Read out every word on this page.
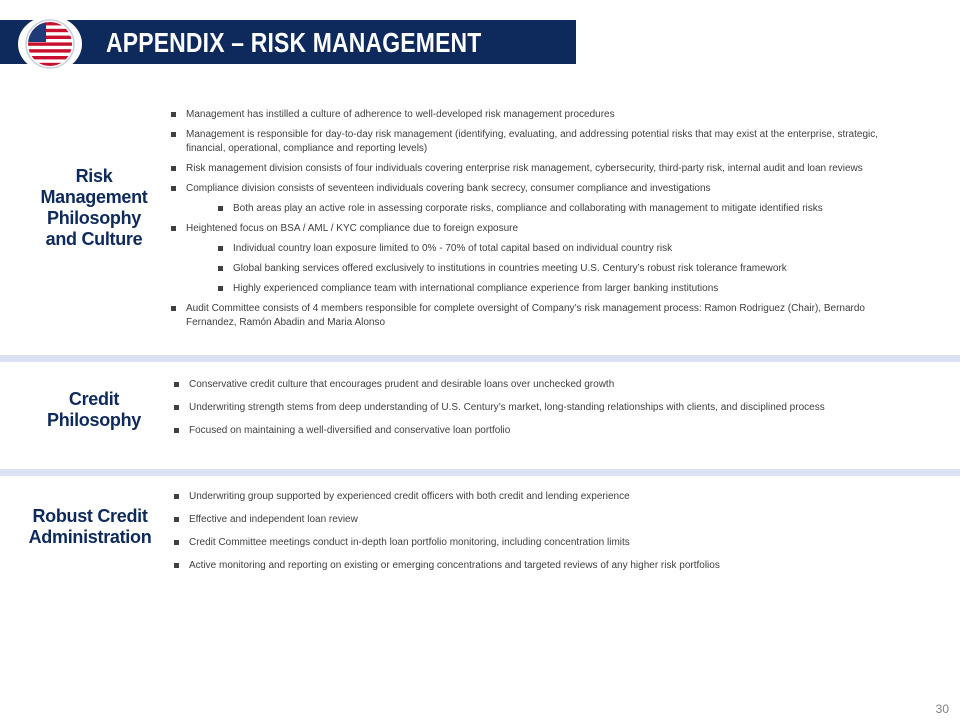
APPENDIX – RISK MANAGEMENT
Risk
Management
Philosophy
and Culture
Management has instilled a culture of adherence to well-developed risk management procedures
Management is responsible for day-to-day risk management (identifying, evaluating, and addressing potential risks that may exist at the enterprise, strategic, financial, operational, compliance and reporting levels)
Risk management division consists of four individuals covering enterprise risk management, cybersecurity, third-party risk, internal audit and loan reviews
Compliance division consists of seventeen individuals covering bank secrecy, consumer compliance and investigations
Both areas play an active role in assessing corporate risks, compliance and collaborating with management to mitigate identified risks
Heightened focus on BSA / AML / KYC compliance due to foreign exposure
Individual country loan exposure limited to 0% - 70% of total capital based on individual country risk
Global banking services offered exclusively to institutions in countries meeting U.S. Century’s robust risk tolerance framework
Highly experienced compliance team with international compliance experience from larger banking institutions
Audit Committee consists of 4 members responsible for complete oversight of Company’s risk management process: Ramon Rodriguez (Chair), Bernardo Fernandez, Ramón Abadin and Maria Alonso
Credit
Philosophy
Conservative credit culture that encourages prudent and desirable loans over unchecked growth
Underwriting strength stems from deep understanding of U.S. Century’s market, long-standing relationships with clients, and disciplined process
Focused on maintaining a well-diversified and conservative loan portfolio
Robust Credit
Administration
Underwriting group supported by experienced credit officers with both credit and lending experience
Effective and independent loan review
Credit Committee meetings conduct in-depth loan portfolio monitoring, including concentration limits
Active monitoring and reporting on existing or emerging concentrations and targeted reviews of any higher risk portfolios
30
